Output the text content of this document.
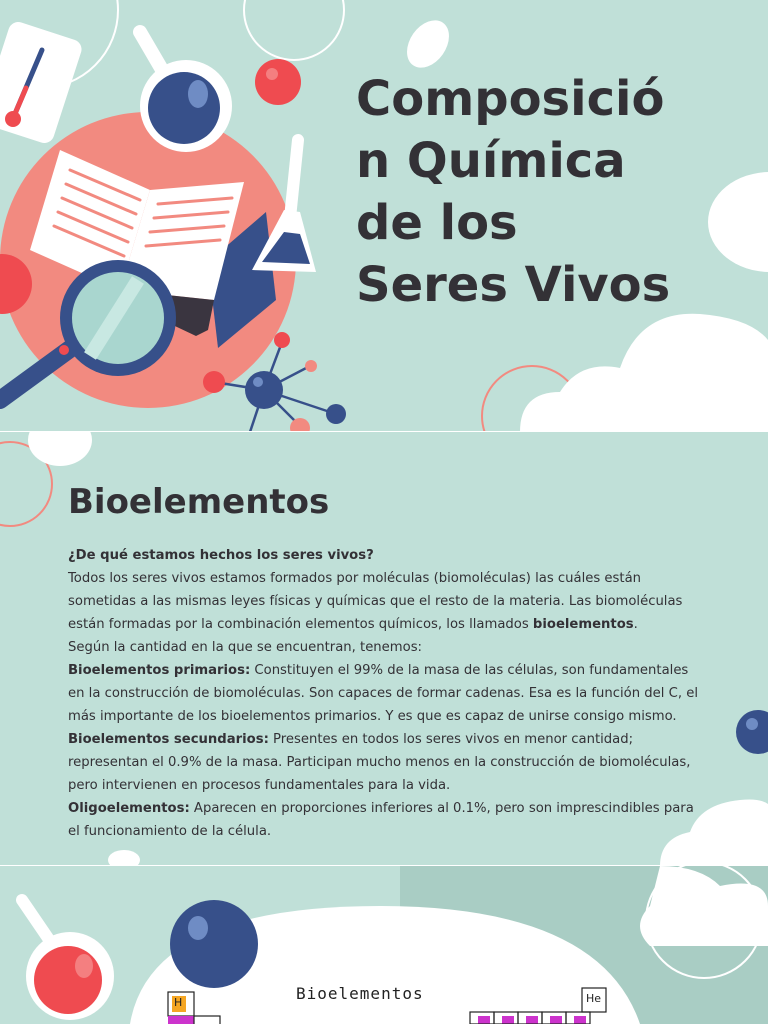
Composició
n Química
de los
Seres Vivos
Bioelementos

¿De qué estamos hechos los seres vivos?

Todos los seres vivos estamos formados por moléculas (biomoléculas) las cuáles están sometidas a las mismas leyes físicas y químicas que el resto de la materia. Las biomoléculas están formadas por la combinación elementos químicos, los llamados bioelementos.

Según la cantidad en la que se encuentran, tenemos:

Bioelementos primarios: Constituyen el 99% de la masa de las células, son fundamentales en la construcción de biomoléculas. Son capaces de formar cadenas. Esa es la función del C, el más importante de los bioelementos primarios. Y es que es capaz de unirse consigo mismo.

Bioelementos secundarios: Presentes en todos los seres vivos en menor cantidad; representan el 0.9% de la masa. Participan mucho menos en la construcción de biomoléculas, pero intervienen en procesos fundamentales para la vida.

Oligoelementos: Aparecen en proporciones inferiores al 0.1%, pero son imprescindibles para el funcionamiento de la célula.

Bioelementos
H	He
